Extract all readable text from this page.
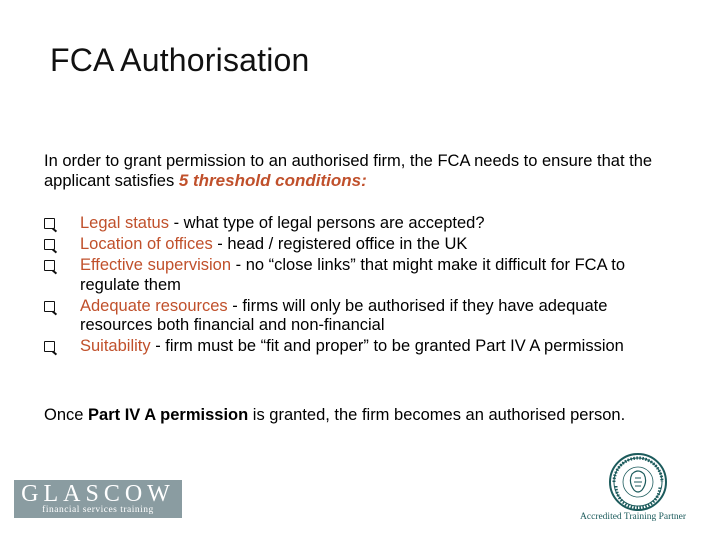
FCA Authorisation
In order to grant permission to an authorised firm, the FCA needs to ensure that the applicant satisfies 5 threshold conditions:
Legal status - what type of legal persons are accepted?
Location of offices - head / registered office in the UK
Effective supervision - no “close links” that might make it difficult for FCA to regulate them
Adequate resources - firms will only be authorised if they have adequate resources both financial and non-financial
Suitability - firm must be “fit and proper” to be granted Part IV A permission
Once Part IV A permission is granted, the firm becomes an authorised person.
GLASCOW
financial services training
Accredited Training Partner
